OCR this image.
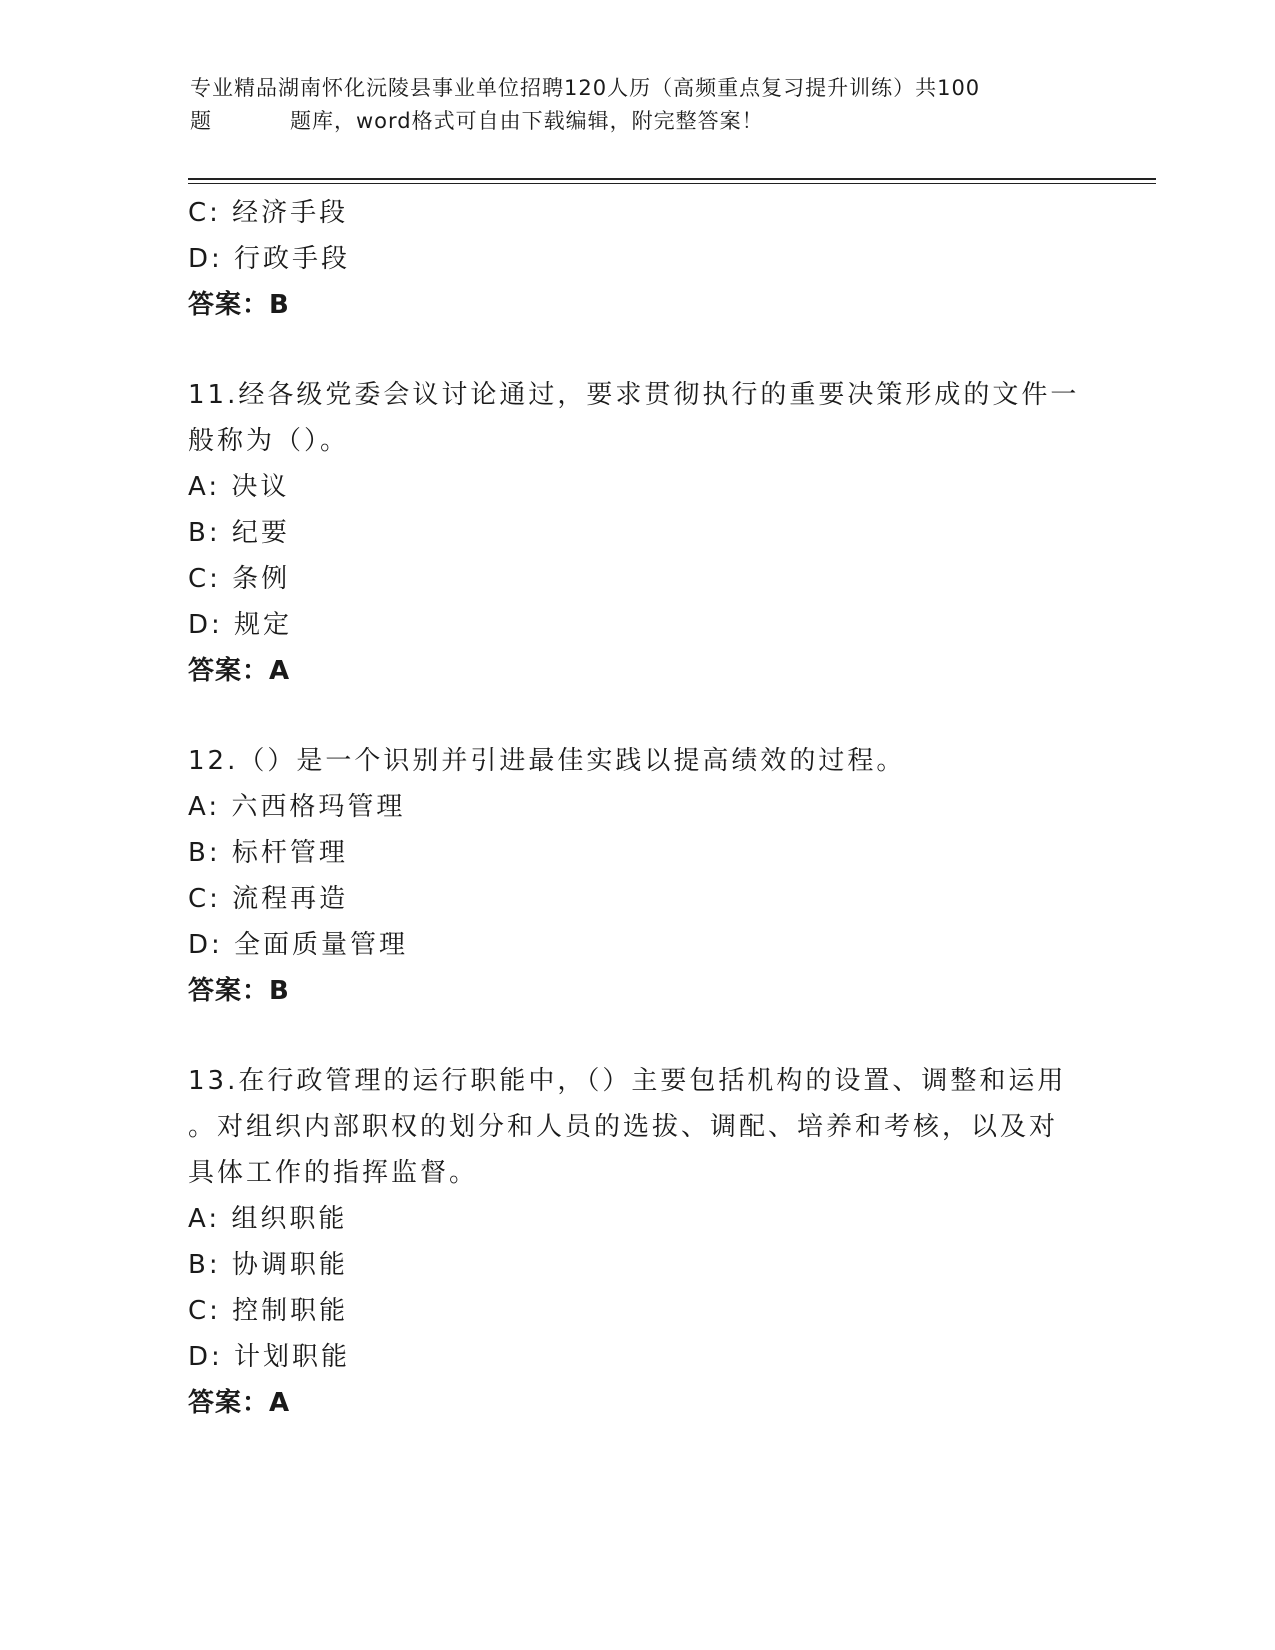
专业精品湖南怀化沅陵县事业单位招聘120人历（高频重点复习提升训练）共100
题	题库，word格式可自由下载编辑，附完整答案！
C: 经济手段
D: 行政手段
答案：B
11.经各级党委会议讨论通过，要求贯彻执行的重要决策形成的文件一
般称为（）。
A: 决议
B: 纪要
C: 条例
D: 规定
答案：A
12.（）是一个识别并引进最佳实践以提高绩效的过程。
A: 六西格玛管理
B: 标杆管理
C: 流程再造
D: 全面质量管理
答案：B
13.在行政管理的运行职能中，（）主要包括机构的设置、调整和运用
。对组织内部职权的划分和人员的选拔、调配、培养和考核，以及对
具体工作的指挥监督。
A: 组织职能
B: 协调职能
C: 控制职能
D: 计划职能
答案：A
